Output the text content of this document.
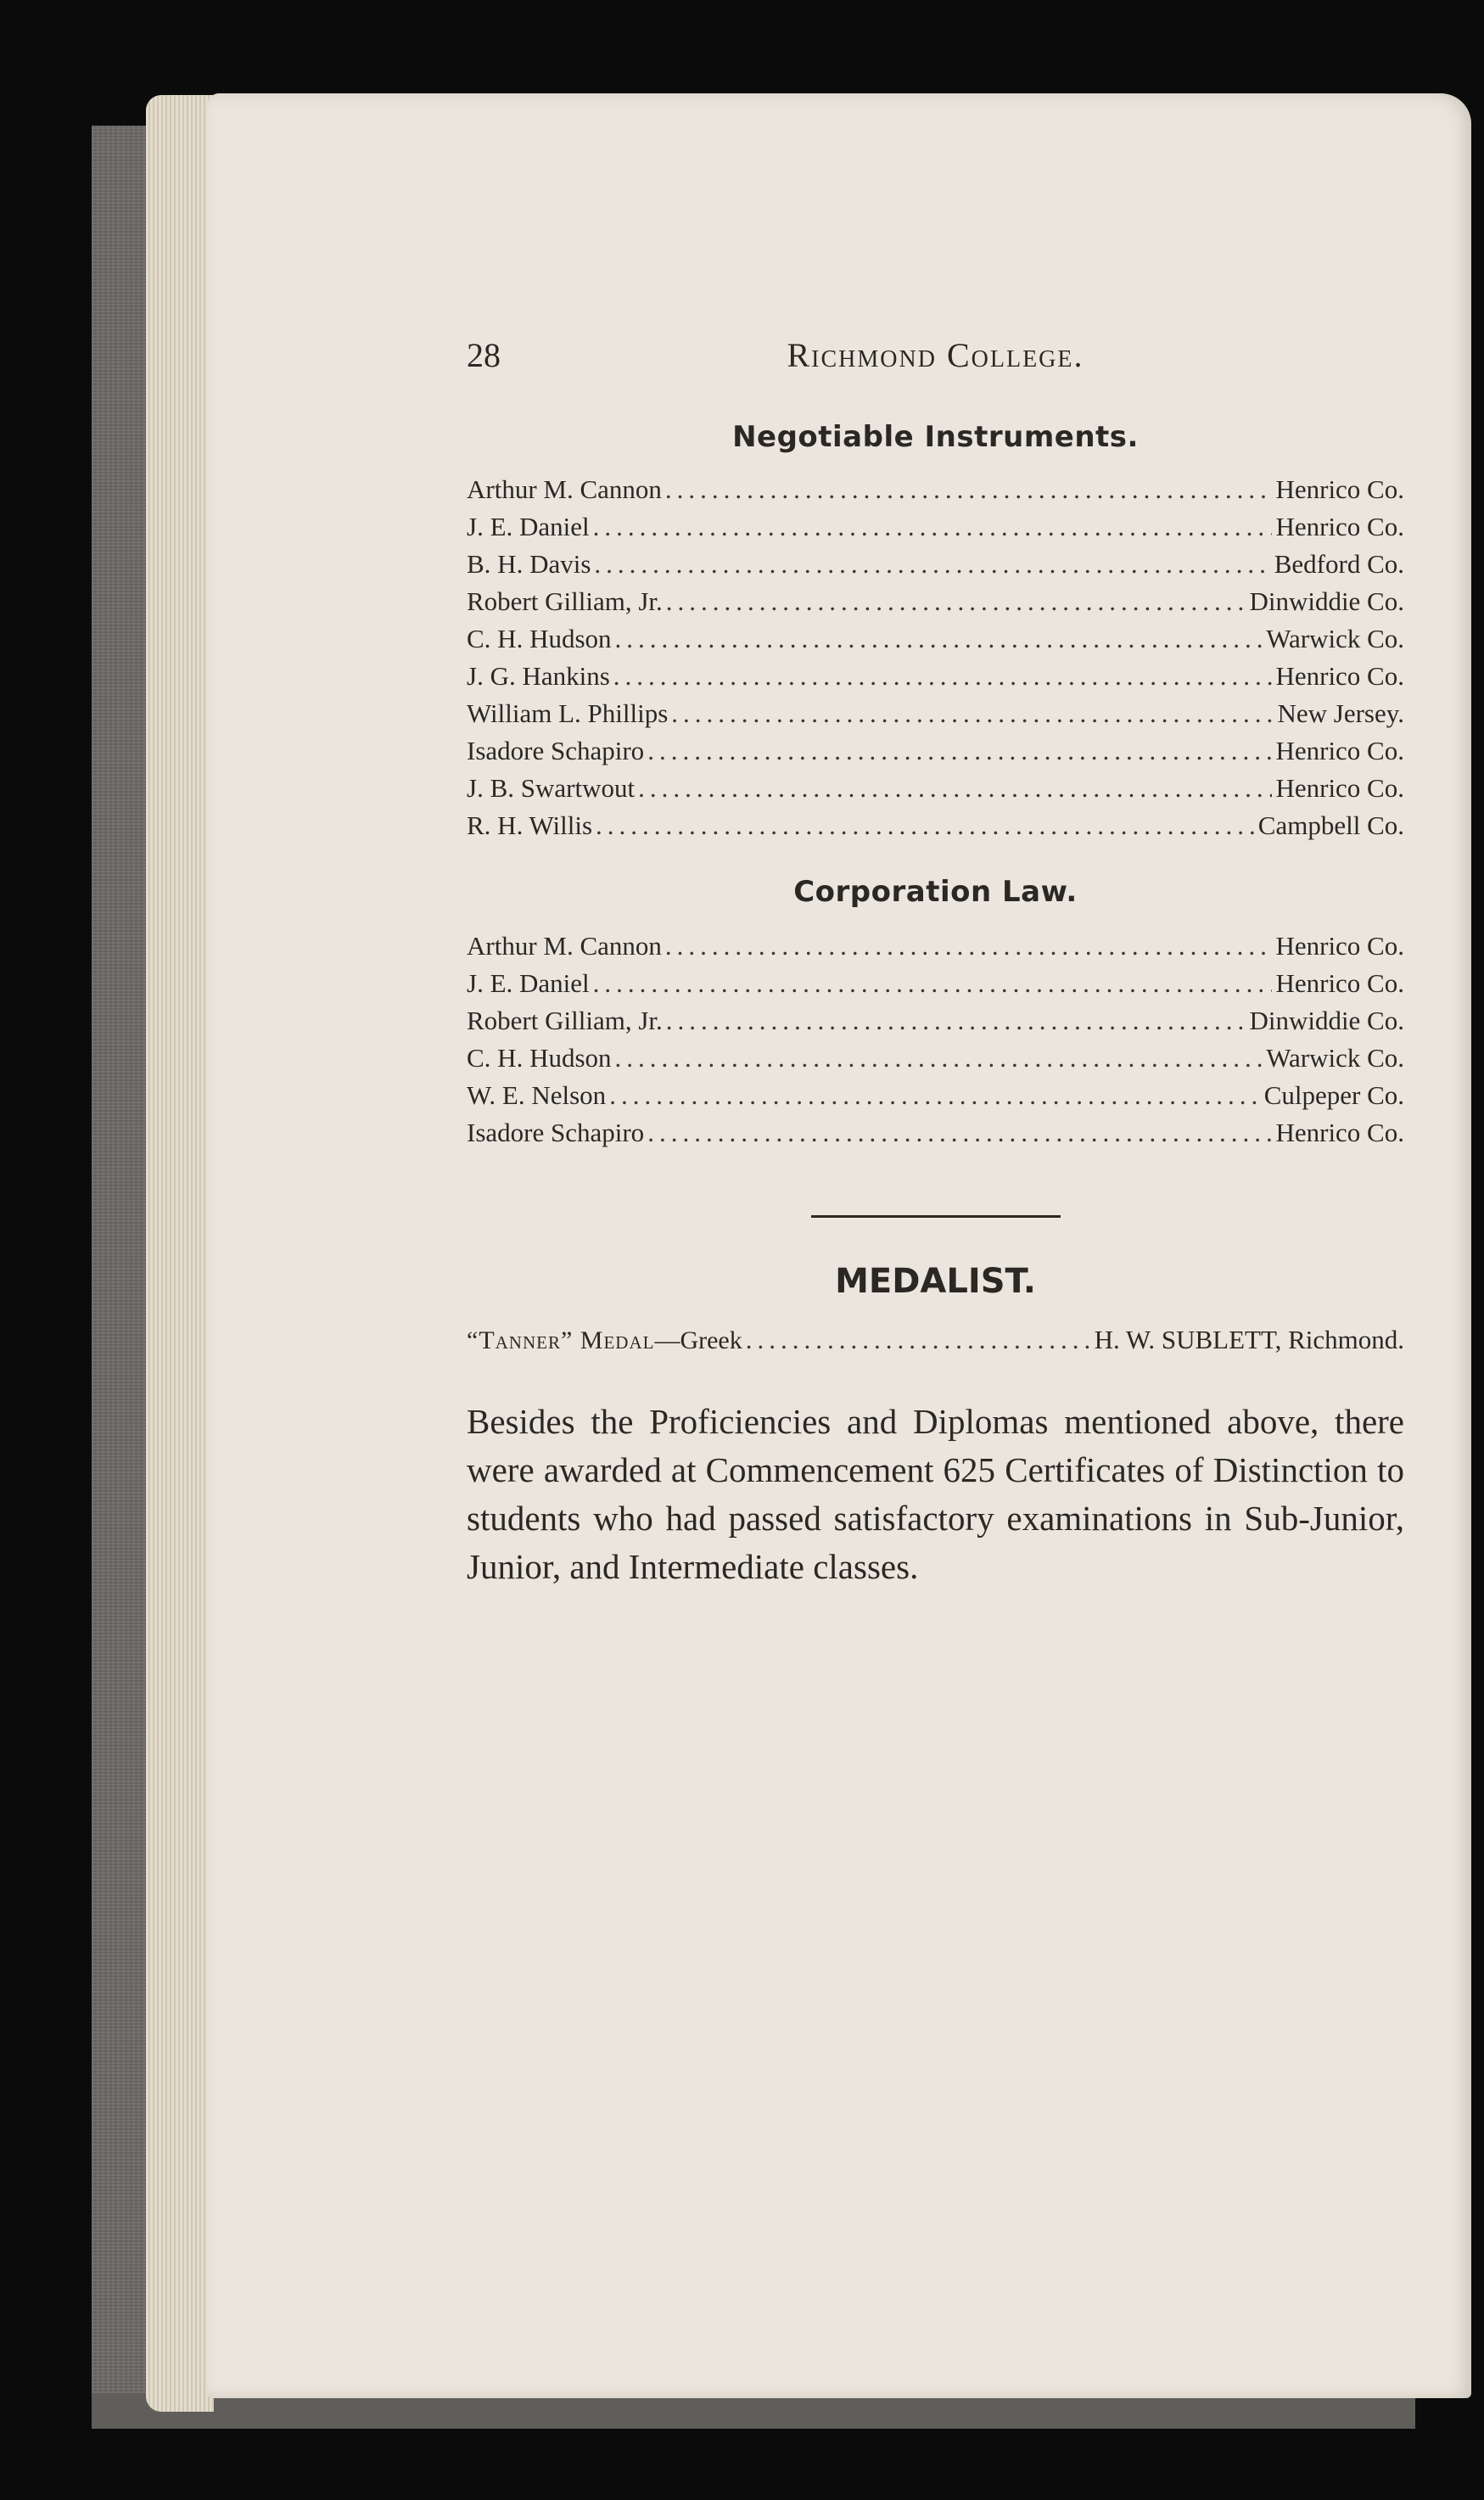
28	Richmond College.
Negotiable Instruments.
Arthur M. Cannon .....	Henrico Co.
J. E. Daniel .....	Henrico Co.
B. H. Davis .....	Bedford Co.
Robert Gilliam, Jr. .....	Dinwiddie Co.
C. H. Hudson .....	Warwick Co.
J. G. Hankins .....	Henrico Co.
William L. Phillips .....	New Jersey.
Isadore Schapiro .....	Henrico Co.
J. B. Swartwout .....	Henrico Co.
R. H. Willis .....	Campbell Co.
Corporation Law.
Arthur M. Cannon .....	Henrico Co.
J. E. Daniel .....	Henrico Co.
Robert Gilliam, Jr. .....	Dinwiddie Co.
C. H. Hudson .....	Warwick Co.
W. E. Nelson .....	Culpeper Co.
Isadore Schapiro .....	Henrico Co.
MEDALIST.
“Tanner” Medal—Greek .....	H. W. SUBLETT, Richmond.

Besides the Proficiencies and Diplomas mentioned above, there were awarded at Commencement 625 Certificates of Distinction to students who had passed satisfactory examinations in Sub-Junior, Junior, and Intermediate classes.
